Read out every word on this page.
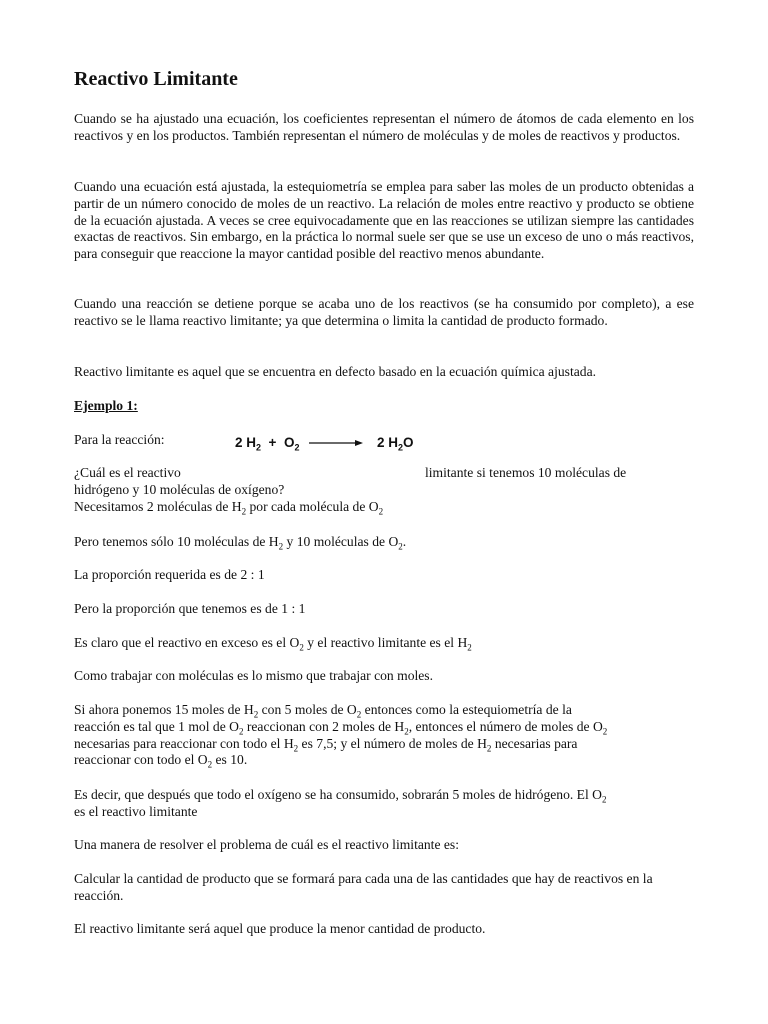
Reactivo Limitante

Cuando se ha ajustado una ecuación, los coeficientes representan el número de átomos de cada elemento en los reactivos y en los productos. También representan el número de moléculas y de moles de reactivos y productos.

Cuando una ecuación está ajustada, la estequiometría se emplea para saber las moles de un producto obtenidas a partir de un número conocido de moles de un reactivo. La relación de moles entre reactivo y producto se obtiene de la ecuación ajustada. A veces se cree equivocadamente que en las reacciones se utilizan siempre las cantidades exactas de reactivos. Sin embargo, en la práctica lo normal suele ser que se use un exceso de uno o más reactivos, para conseguir que reaccione la mayor cantidad posible del reactivo menos abundante.

Cuando una reacción se detiene porque se acaba uno de los reactivos (se ha consumido por completo), a ese reactivo se le llama reactivo limitante; ya que determina o limita la cantidad de producto formado.

Reactivo limitante es aquel que se encuentra en defecto basado en la ecuación química ajustada.

Ejemplo 1:

Para la reacción:	2 $H_2 + O_2 \to 2$ $H_2O$

¿Cuál es el reactivo	limitante si tenemos 10 moléculas de

hidrógeno y 10 moléculas de oxígeno?

Necesitamos 2 moléculas de $H_2$ por cada molécula de $O_2$

Pero tenemos sólo 10 moléculas de $H_2$ y 10 moléculas de $O_2$.

La proporción requerida es de 2 : 1

Pero la proporción que tenemos es de 1 : 1

Es claro que el reactivo en exceso es el $O_2$ y el reactivo limitante es el $H_2$

Como trabajar con moléculas es lo mismo que trabajar con moles.

Si ahora ponemos 15 moles de $H_2$ con 5 moles de $O_2$ entonces como la estequiometría de la
reacción es tal que 1 mol de $O_2$ reaccionan con 2 moles de $H_2$, entonces el número de moles de $O_2$
necesarias para reaccionar con todo el $H_2$ es 7,5; y el número de moles de $H_2$ necesarias para
reaccionar con todo el $O_2$ es 10.
Es decir, que después que todo el oxígeno se ha consumido, sobrarán 5 moles de hidrógeno. El $O_2$
es el reactivo limitante

Una manera de resolver el problema de cuál es el reactivo limitante es:

Calcular la cantidad de producto que se formará para cada una de las cantidades que hay de reactivos en la reacción.

El reactivo limitante será aquel que produce la menor cantidad de producto.
